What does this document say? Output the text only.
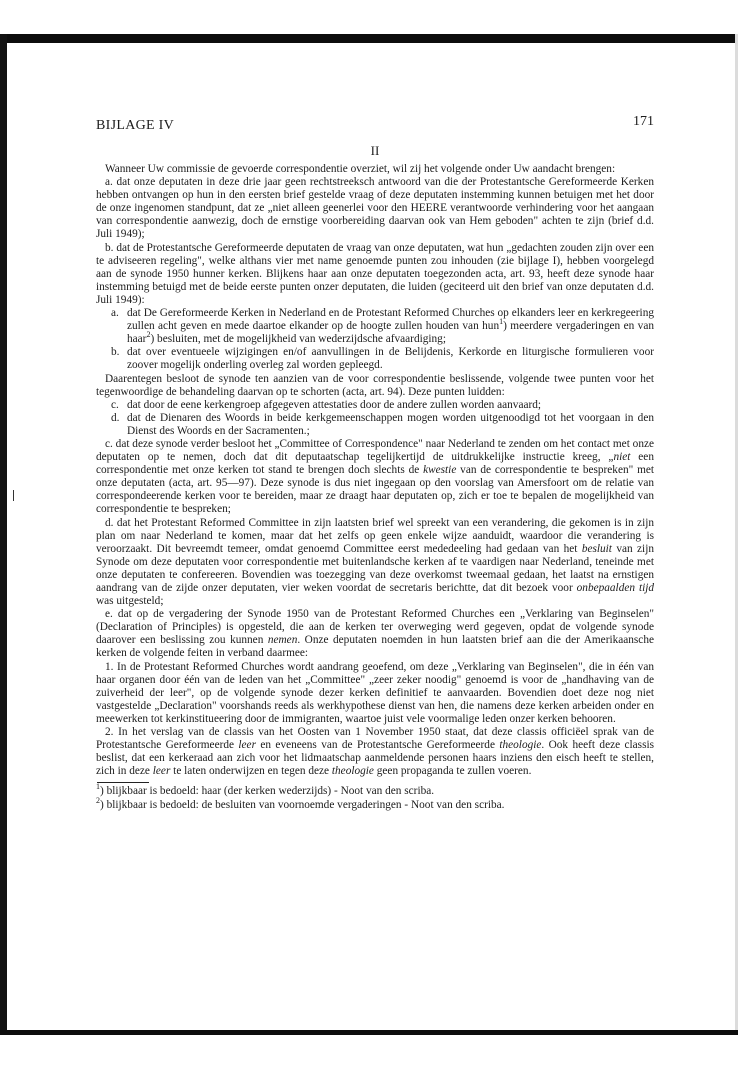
BIJLAGE IV	171
II

Wanneer Uw commissie de gevoerde correspondentie overziet, wil zij het volgende onder Uw aandacht brengen:

a. dat onze deputaten in deze drie jaar geen rechtstreeksch antwoord van die der Protestantsche Gereformeerde Kerken hebben ontvangen op hun in den eersten brief gestelde vraag of deze deputaten instemming kunnen betuigen met het door de onze ingenomen standpunt, dat ze „niet alleen geenerlei voor den HEERE verantwoorde verhindering voor het aangaan van correspondentie aanwezig, doch de ernstige voorbereiding daarvan ook van Hem geboden" achten te zijn (brief d.d. Juli 1949);

b. dat de Protestantsche Gereformeerde deputaten de vraag van onze deputaten, wat hun „gedachten zouden zijn over een te adviseeren regeling", welke althans vier met name genoemde punten zou inhouden (zie bijlage I), hebben voorgelegd aan de synode 1950 hunner kerken. Blijkens haar aan onze deputaten toegezonden acta, art. 93, heeft deze synode haar instemming betuigd met de beide eerste punten onzer deputaten, die luiden (geciteerd uit den brief van onze deputaten d.d. Juli 1949):

a. dat De Gereformeerde Kerken in Nederland en de Protestant Reformed Churches op elkanders leer en kerkregeering zullen acht geven en mede daartoe elkander op de hoogte zullen houden van hun$^1$) meerdere vergaderingen en van haar$^2$) besluiten, met de mogelijkheid van wederzijdsche afvaardiging;

b. dat over eventueele wijzigingen en/of aanvullingen in de Belijdenis, Kerkorde en liturgische formulieren voor zoover mogelijk onderling overleg zal worden gepleegd.

Daarentegen besloot de synode ten aanzien van de voor correspondentie beslissende, volgende twee punten voor het tegenwoordige de behandeling daarvan op te schorten (acta, art. 94). Deze punten luidden:

c. dat door de eene kerkengroep afgegeven attestaties door de andere zullen worden aanvaard;

d. dat de Dienaren des Woords in beide kerkgemeenschappen mogen worden uitgenoodigd tot het voorgaan in den Dienst des Woords en der Sacramenten.;

c. dat deze synode verder besloot het „Committee of Correspondence" naar Nederland te zenden om het contact met onze deputaten op te nemen, doch dat dit deputaatschap tegelijkertijd de uitdrukkelijke instructie kreeg, „niet een correspondentie met onze kerken tot stand te brengen doch slechts de kwestie van de correspondentie te bespreken" met onze deputaten (acta, art. 95—97). Deze synode is dus niet ingegaan op den voorslag van Amersfoort om de relatie van correspondeerende kerken voor te bereiden, maar ze draagt haar deputaten op, zich er toe te bepalen de mogelijkheid van correspondentie te bespreken;

d. dat het Protestant Reformed Committee in zijn laatsten brief wel spreekt van een verandering, die gekomen is in zijn plan om naar Nederland te komen, maar dat het zelfs op geen enkele wijze aanduidt, waardoor die verandering is veroorzaakt. Dit bevreemdt temeer, omdat genoemd Committee eerst mededeeling had gedaan van het besluit van zijn Synode om deze deputaten voor correspondentie met buitenlandsche kerken af te vaardigen naar Nederland, teneinde met onze deputaten te confereeren. Bovendien was toezegging van deze overkomst tweemaal gedaan, het laatst na ernstigen aandrang van de zijde onzer deputaten, vier weken voordat de secretaris berichtte, dat dit bezoek voor onbepaalden tijd was uitgesteld;

e. dat op de vergadering der Synode 1950 van de Protestant Reformed Churches een „Verklaring van Beginselen" (Declaration of Principles) is opgesteld, die aan de kerken ter overweging werd gegeven, opdat de volgende synode daarover een beslissing zou kunnen nemen. Onze deputaten noemden in hun laatsten brief aan die der Amerikaansche kerken de volgende feiten in verband daarmee:

1. In de Protestant Reformed Churches wordt aandrang geoefend, om deze „Verklaring van Beginselen", die in één van haar organen door één van de leden van het „Committee" „zeer zeker noodig" genoemd is voor de „handhaving van de zuiverheid der leer", op de volgende synode dezer kerken definitief te aanvaarden. Bovendien doet deze nog niet vastgestelde „Declaration" voorshands reeds als werkhypothese dienst van hen, die namens deze kerken arbeiden onder en meewerken tot kerkinstitueering door de immigranten, waartoe juist vele voormalige leden onzer kerken behooren.

2. In het verslag van de classis van het Oosten van 1 November 1950 staat, dat deze classis officiëel sprak van de Protestantsche Gereformeerde leer en eveneens van de Protestantsche Gereformeerde theologie. Ook heeft deze classis beslist, dat een kerkeraad aan zich voor het lidmaatschap aanmeldende personen haars inziens den eisch heeft te stellen, zich in deze leer te laten onderwijzen en tegen deze theologie geen propaganda te zullen voeren.

$^1$) blijkbaar is bedoeld: haar (der kerken wederzijds) - Noot van den scriba.

$^2$) blijkbaar is bedoeld: de besluiten van voornoemde vergaderingen - Noot van den scriba.
